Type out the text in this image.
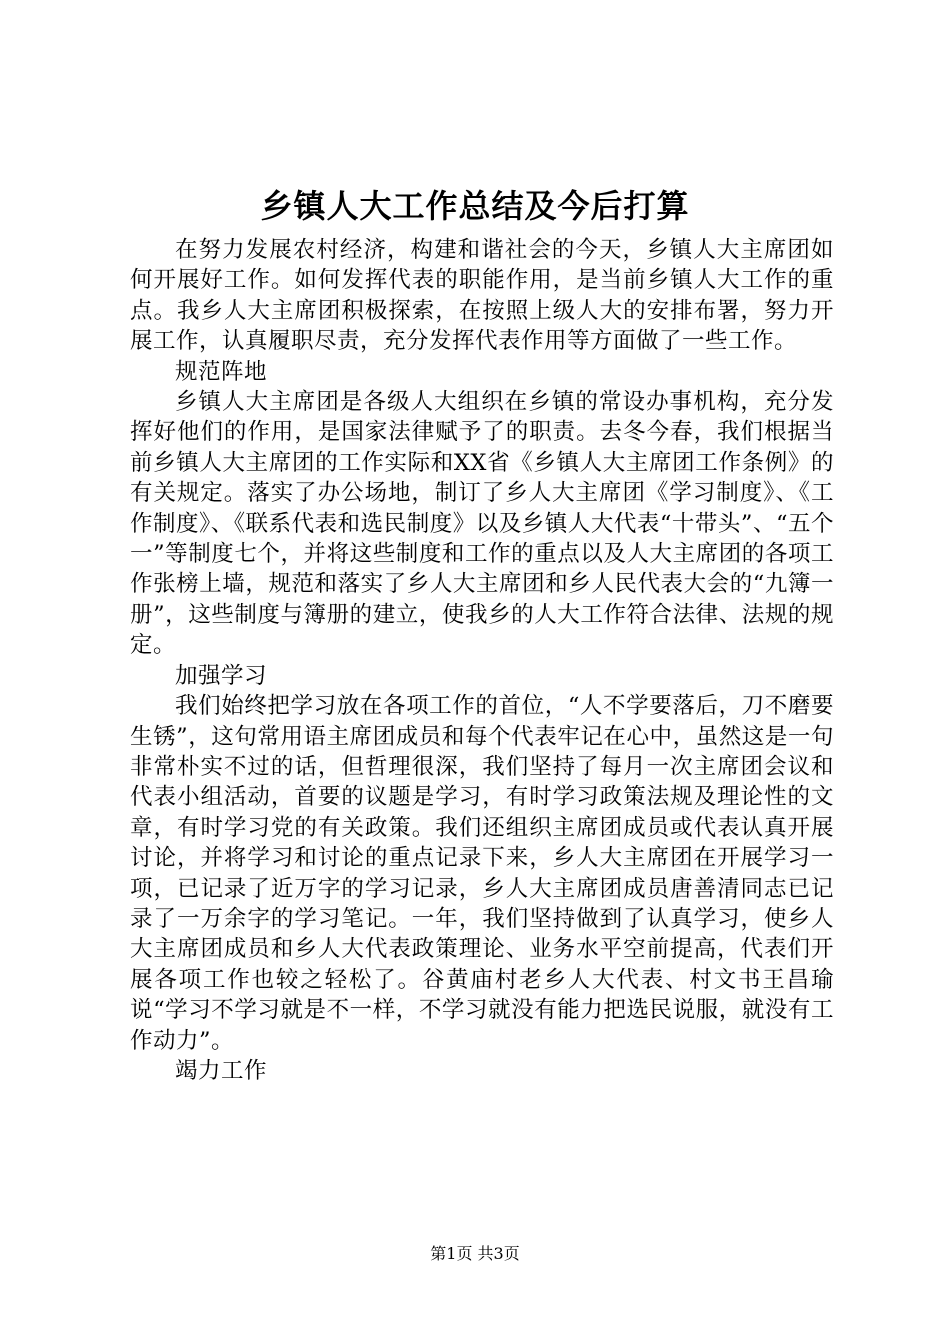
乡镇人大工作总结及今后打算

在努力发展农村经济，构建和谐社会的今天，乡镇人大主席团如何开展好工作。如何发挥代表的职能作用，是当前乡镇人大工作的重点。我乡人大主席团积极探索，在按照上级人大的安排布署，努力开展工作，认真履职尽责，充分发挥代表作用等方面做了一些工作。

规范阵地

乡镇人大主席团是各级人大组织在乡镇的常设办事机构，充分发挥好他们的作用，是国家法律赋予了的职责。去冬今春，我们根据当前乡镇人大主席团的工作实际和XX省《乡镇人大主席团工作条例》的有关规定。落实了办公场地，制订了乡人大主席团《学习制度》、《工作制度》、《联系代表和选民制度》以及乡镇人大代表“十带头”、“五个一”等制度七个，并将这些制度和工作的重点以及人大主席团的各项工作张榜上墙，规范和落实了乡人大主席团和乡人民代表大会的“九簿一册”，这些制度与簿册的建立，使我乡的人大工作符合法律、法规的规定。

加强学习

我们始终把学习放在各项工作的首位，“人不学要落后，刀不磨要生锈”，这句常用语主席团成员和每个代表牢记在心中，虽然这是一句非常朴实不过的话，但哲理很深，我们坚持了每月一次主席团会议和代表小组活动，首要的议题是学习，有时学习政策法规及理论性的文章，有时学习党的有关政策。我们还组织主席团成员或代表认真开展讨论，并将学习和讨论的重点记录下来，乡人大主席团在开展学习一项，已记录了近万字的学习记录，乡人大主席团成员唐善清同志已记录了一万余字的学习笔记。一年，我们坚持做到了认真学习，使乡人大主席团成员和乡人大代表政策理论、业务水平空前提高，代表们开展各项工作也较之轻松了。谷黄庙村老乡人大代表、村文书王昌瑜说“学习不学习就是不一样，不学习就没有能力把选民说服，就没有工作动力”。

竭力工作

第1页 共3页
